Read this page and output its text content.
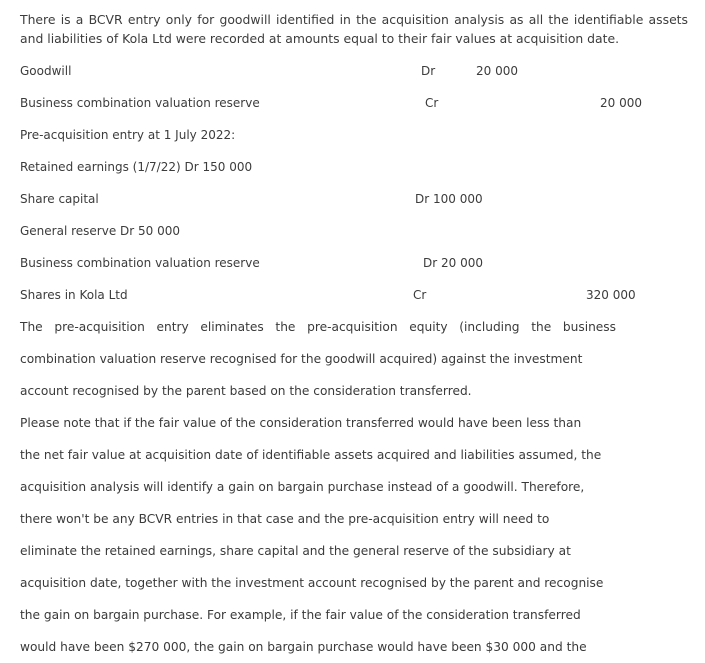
There is a BCVR entry only for goodwill identified in the acquisition analysis as all the identifiable assets and liabilities of Kola Ltd were recorded at amounts equal to their fair values at acquisition date.
Goodwill	Dr	20 000
Business combination valuation reserve	Cr	20 000
Pre-acquisition entry at 1 July 2022:
Retained earnings (1/7/22) Dr 150 000
Share capital	Dr 100 000
General reserve Dr 50 000
Business combination valuation reserve	Dr 20 000
Shares in Kola Ltd	Cr	320 000
The pre-acquisition entry eliminates the pre-acquisition equity (including the business
combination valuation reserve recognised for the goodwill acquired) against the investment
account recognised by the parent based on the consideration transferred.
Please note that if the fair value of the consideration transferred would have been less than
the net fair value at acquisition date of identifiable assets acquired and liabilities assumed, the
acquisition analysis will identify a gain on bargain purchase instead of a goodwill. Therefore,
there won't be any BCVR entries in that case and the pre-acquisition entry will need to
eliminate the retained earnings, share capital and the general reserve of the subsidiary at
acquisition date, together with the investment account recognised by the parent and recognise
the gain on bargain purchase. For example, if the fair value of the consideration transferred
would have been $270 000, the gain on bargain purchase would have been $30 000 and the
